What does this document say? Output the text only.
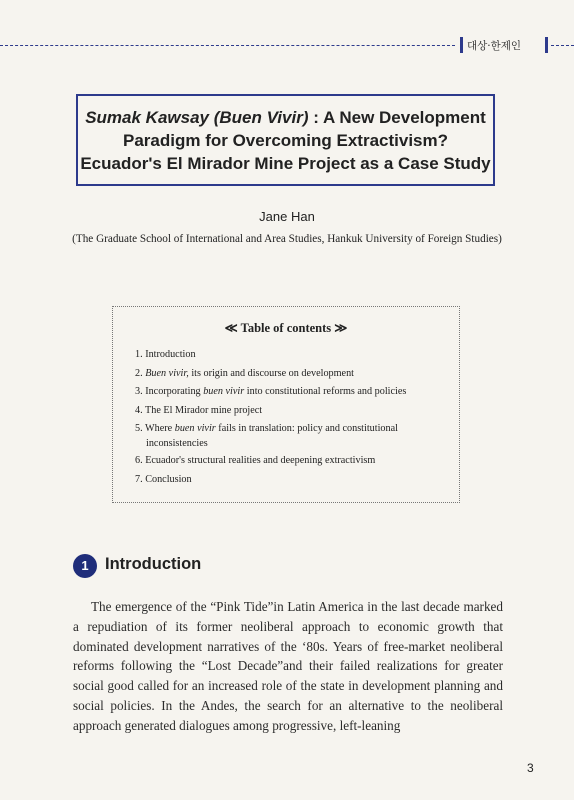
대상·한제인
Sumak Kawsay (Buen Vivir) : A New Development
Paradigm for Overcoming Extractivism?
Ecuador's El Mirador Mine Project as a Case Study
Jane Han
(The Graduate School of International and Area Studies, Hankuk University of Foreign Studies)
≪ Table of contents ≫
1. Introduction
2. Buen vivir, its origin and discourse on development
3. Incorporating buen vivir into constitutional reforms and policies
4. The El Mirador mine project
5. Where buen vivir fails in translation: policy and constitutional
inconsistencies
6. Ecuador's structural realities and deepening extractivism
7. Conclusion
1 Introduction

The emergence of the “Pink Tide”in Latin America in the last decade marked a repudiation of its former neoliberal approach to economic growth that dominated development narratives of the ‘80s. Years of free-market neoliberal reforms following the “Lost Decade”and their failed realizations for greater social good called for an increased role of the state in development planning and social policies. In the Andes, the search for an alternative to the neoliberal approach generated dialogues among progressive, left-leaning

3
